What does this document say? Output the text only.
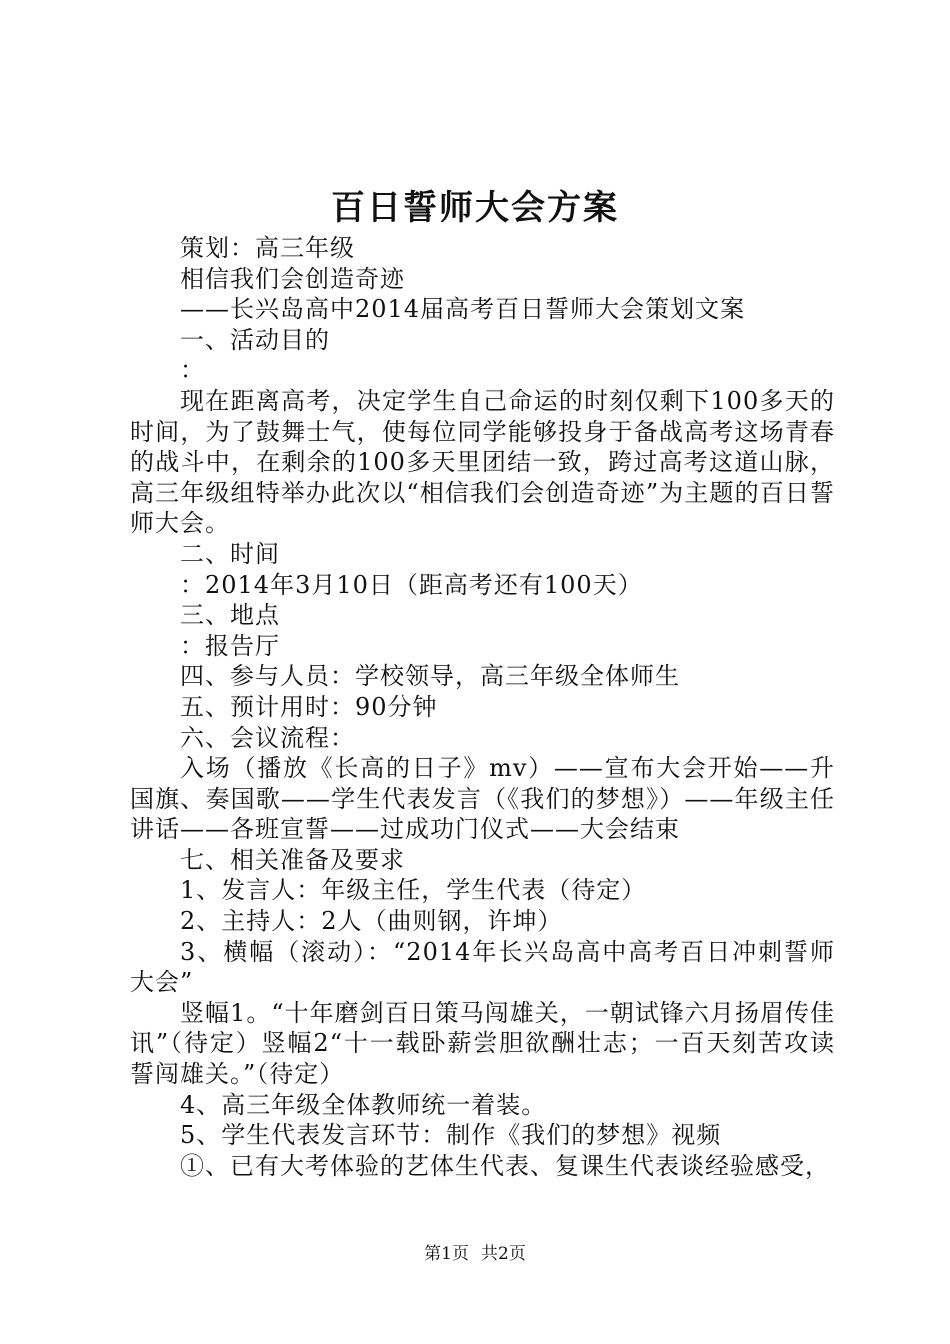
百日誓师大会方案

策划：高三年级

相信我们会创造奇迹

——长兴岛高中2014届高考百日誓师大会策划文案

一、活动目的

：

现在距离高考，决定学生自己命运的时刻仅剩下100多天的时间，为了鼓舞士气，使每位同学能够投身于备战高考这场青春的战斗中，在剩余的100多天里团结一致，跨过高考这道山脉，高三年级组特举办此次以“相信我们会创造奇迹”为主题的百日誓师大会。

二、时间

：2014年3月10日（距高考还有100天）

三、地点

：报告厅

四、参与人员：学校领导，高三年级全体师生

五、预计用时：90分钟

六、会议流程：

入场（播放《长高的日子》mv）——宣布大会开始——升国旗、奏国歌——学生代表发言（《我们的梦想》）——年级主任讲话——各班宣誓——过成功门仪式——大会结束

七、相关准备及要求

1、发言人：年级主任，学生代表（待定）

2、主持人：2人（曲则钢，许坤）

3、横幅（滚动）：“2014年长兴岛高中高考百日冲刺誓师大会”

竖幅1。“十年磨剑百日策马闯雄关，一朝试锋六月扬眉传佳讯”（待定）竖幅2“十一载卧薪尝胆欲酬壮志；一百天刻苦攻读誓闯雄关。”（待定）

4、高三年级全体教师统一着装。

5、学生代表发言环节：制作《我们的梦想》视频

①、已有大考体验的艺体生代表、复课生代表谈经验感受，

第1页 共2页
